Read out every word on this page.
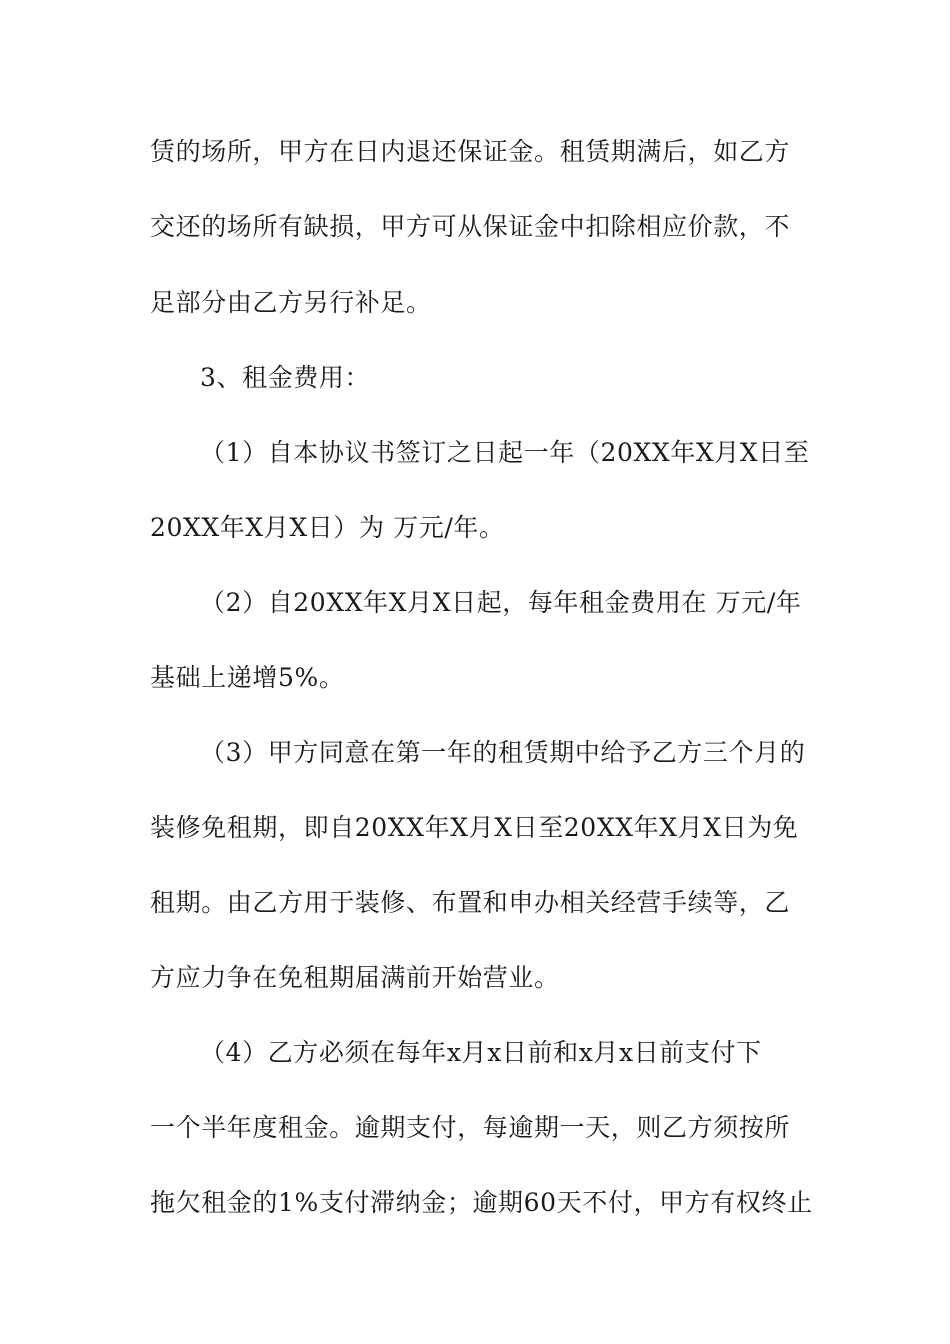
赁的场所，甲方在日内退还保证金。租赁期满后，如乙方
交还的场所有缺损，甲方可从保证金中扣除相应价款，不
足部分由乙方另行补足。
3、租金费用：
（1）自本协议书签订之日起一年（20XX年X月X日至
20XX年X月X日）为 万元/年。
（2）自20XX年X月X日起，每年租金费用在 万元/年
基础上递增5%。
（3）甲方同意在第一年的租赁期中给予乙方三个月的
装修免租期，即自20XX年X月X日至20XX年X月X日为免
租期。由乙方用于装修、布置和申办相关经营手续等，乙
方应力争在免租期届满前开始营业。
（4）乙方必须在每年x月x日前和x月x日前支付下
一个半年度租金。逾期支付，每逾期一天，则乙方须按所
拖欠租金的1%支付滞纳金；逾期60天不付，甲方有权终止
